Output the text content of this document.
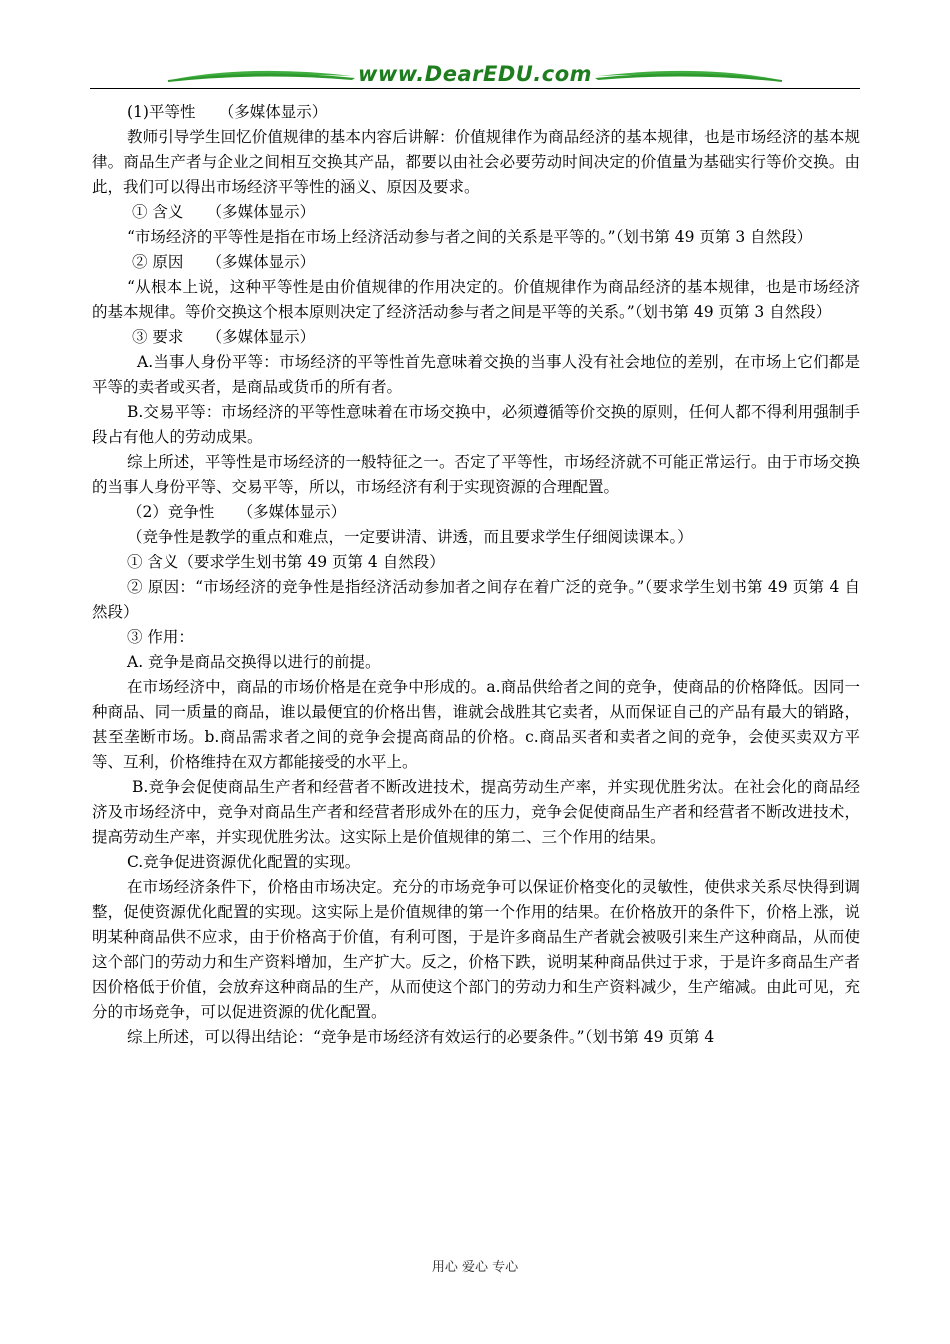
www.DearEDU.com

(1)平等性　　（多媒体显示）

教师引导学生回忆价值规律的基本内容后讲解：价值规律作为商品经济的基本规律，也是市场经济的基本规律。商品生产者与企业之间相互交换其产品，都要以由社会必要劳动时间决定的价值量为基础实行等价交换。由此，我们可以得出市场经济平等性的涵义、原因及要求。

① 含义　　（多媒体显示）

“市场经济的平等性是指在市场上经济活动参与者之间的关系是平等的。”（划书第 49 页第 3 自然段）

② 原因　　（多媒体显示）

“从根本上说，这种平等性是由价值规律的作用决定的。价值规律作为商品经济的基本规律，也是市场经济的基本规律。等价交换这个根本原则决定了经济活动参与者之间是平等的关系。”（划书第 49 页第 3 自然段）

③ 要求　　（多媒体显示）

A.当事人身份平等：市场经济的平等性首先意味着交换的当事人没有社会地位的差别，在市场上它们都是平等的卖者或买者，是商品或货币的所有者。

B.交易平等：市场经济的平等性意味着在市场交换中，必须遵循等价交换的原则，任何人都不得利用强制手段占有他人的劳动成果。

综上所述，平等性是市场经济的一般特征之一。否定了平等性，市场经济就不可能正常运行。由于市场交换的当事人身份平等、交易平等，所以，市场经济有利于实现资源的合理配置。

（2）竞争性　　（多媒体显示）

（竞争性是教学的重点和难点，一定要讲清、讲透，而且要求学生仔细阅读课本。）

① 含义（要求学生划书第 49 页第 4 自然段）

② 原因：“市场经济的竞争性是指经济活动参加者之间存在着广泛的竞争。”（要求学生划书第 49 页第 4 自然段）

③ 作用：

A. 竞争是商品交换得以进行的前提。

在市场经济中，商品的市场价格是在竞争中形成的。a.商品供给者之间的竞争，使商品的价格降低。因同一种商品、同一质量的商品，谁以最便宜的价格出售，谁就会战胜其它卖者，从而保证自己的产品有最大的销路，甚至垄断市场。b.商品需求者之间的竞争会提高商品的价格。c.商品买者和卖者之间的竞争，会使买卖双方平等、互利，价格维持在双方都能接受的水平上。

B.竞争会促使商品生产者和经营者不断改进技术，提高劳动生产率，并实现优胜劣汰。在社会化的商品经济及市场经济中，竞争对商品生产者和经营者形成外在的压力，竞争会促使商品生产者和经营者不断改进技术，提高劳动生产率，并实现优胜劣汰。这实际上是价值规律的第二、三个作用的结果。

C.竞争促进资源优化配置的实现。

在市场经济条件下，价格由市场决定。充分的市场竞争可以保证价格变化的灵敏性，使供求关系尽快得到调整，促使资源优化配置的实现。这实际上是价值规律的第一个作用的结果。在价格放开的条件下，价格上涨，说明某种商品供不应求，由于价格高于价值，有利可图，于是许多商品生产者就会被吸引来生产这种商品，从而使这个部门的劳动力和生产资料增加，生产扩大。反之，价格下跌，说明某种商品供过于求，于是许多商品生产者因价格低于价值，会放弃这种商品的生产，从而使这个部门的劳动力和生产资料减少，生产缩减。由此可见，充分的市场竞争，可以促进资源的优化配置。

综上所述，可以得出结论：“竞争是市场经济有效运行的必要条件。”（划书第 49 页第 4

用心 爱心 专心
